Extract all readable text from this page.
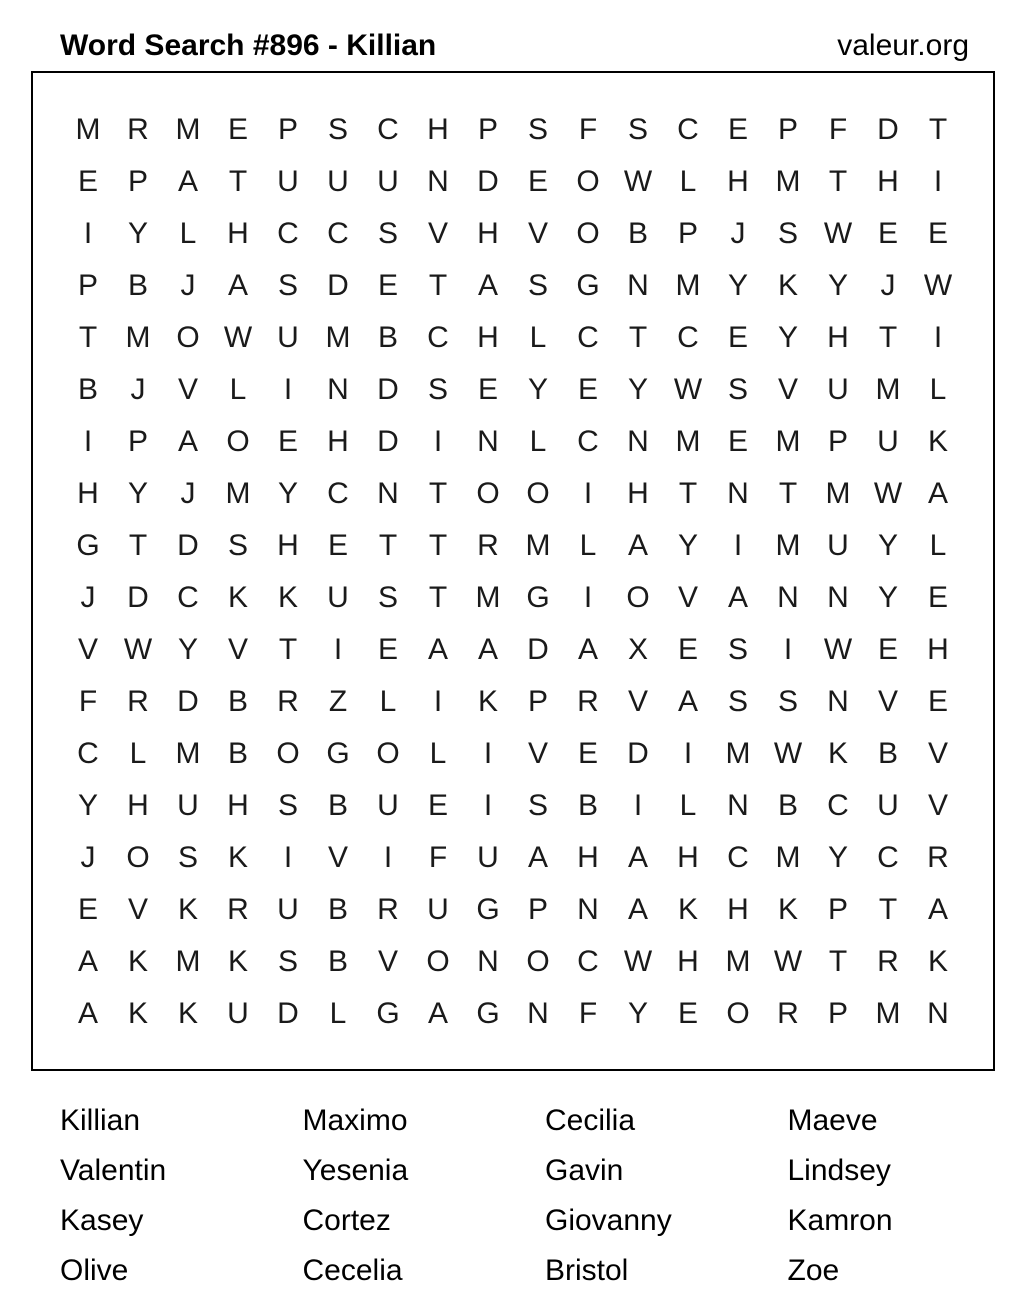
Word Search #896 - Killian	valeur.org
M R M E P S C H P S	F	S C E P	F	D	T
E P A	T	U U U N D E O W L	H M T	H	I
I	Y	L	H C C S V H V O B P	J	S W E E
P B	J	A S D E	T	A S G N M Y K Y	J W
T M O W U M B C H	L	C	T	C E Y H	T	I
B	J	V	L	I	N D S E Y E Y W S V U M L
I	P A O E H D	I	N	L	C N M E M P U K
H Y	J	M Y C N	T O O	I	H	T	N	T M W A
G T	D S H E	T	T	R M L	A Y	I	M U Y	L
J	D C K K U S	T M G	I	O V A N N Y E
V W Y V	T	I	E A A D A X E S	I	W E H
F	R D B R	Z	L	I	K P R V A S S N V E
C	L M B O G O L	I	V E D	I	M W K B V
Y H U H S B U E	I	S B	I	L	N B C U V
J	O S K	I	V	I	F	U A H A H C M Y C R
E V K R U B R U G P N A K H K P	T	A
A K M K S B V O N O C W H M W T	R K
A K K U D	L G A G N	F	Y E O R P M N
Killian	Maximo	Cecilia	Maeve
Valentin	Yesenia	Gavin	Lindsey
Kasey	Cortez	Giovanny	Kamron
Olive	Cecelia	Bristol	Zoe
